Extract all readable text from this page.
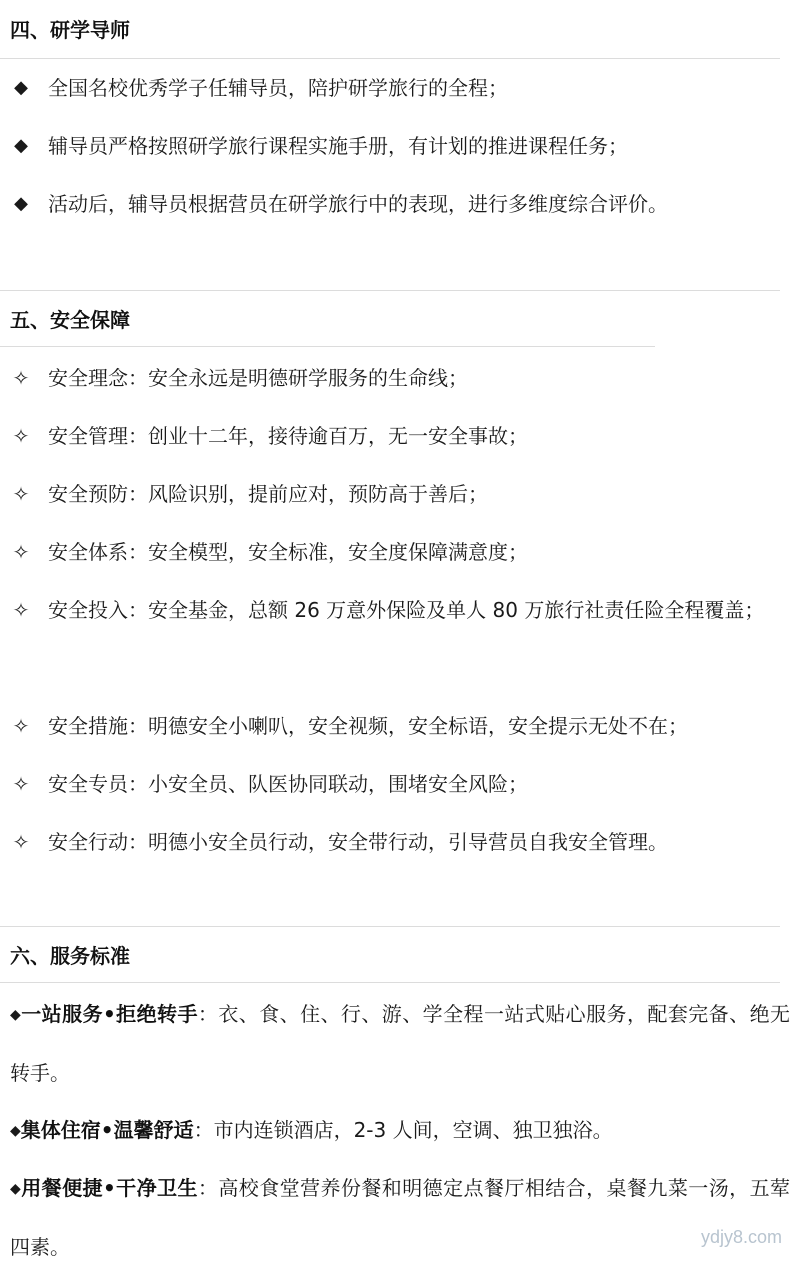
四、研学导师
◆ 全国名校优秀学子任辅导员，陪护研学旅行的全程；
◆ 辅导员严格按照研学旅行课程实施手册，有计划的推进课程任务；
◆ 活动后，辅导员根据营员在研学旅行中的表现，进行多维度综合评价。
五、安全保障
✧ 安全理念：安全永远是明德研学服务的生命线；
✧ 安全管理：创业十二年，接待逾百万，无一安全事故；
✧ 安全预防：风险识别，提前应对，预防高于善后；
✧ 安全体系：安全模型，安全标准，安全度保障满意度；
✧ 安全投入：安全基金，总额 26 万意外保险及单人 80 万旅行社责任险全程覆盖；
✧ 安全措施：明德安全小喇叭，安全视频，安全标语，安全提示无处不在；
✧ 安全专员：小安全员、队医协同联动，围堵安全风险；
✧ 安全行动：明德小安全员行动，安全带行动，引导营员自我安全管理。
六、服务标准
◆一站服务•拒绝转手：衣、食、住、行、游、学全程一站式贴心服务，配套完备、绝无转手。
◆集体住宿•温馨舒适：市内连锁酒店，2-3 人间，空调、独卫独浴。
◆用餐便捷•干净卫生：高校食堂营养份餐和明德定点餐厅相结合，桌餐九菜一汤，五荤四素。	ydjy8.com
